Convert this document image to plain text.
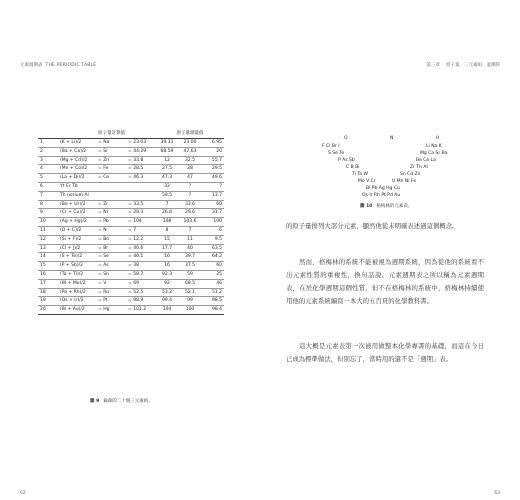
元素週期表 THE PERIODIC TABLE
		原子量計算值		原子量測量值		
1	(K + Li)/2	= Na	= 23.03	39.11	23.00	6.95
2	(Ba + Ca)/2	= Sr	= 44.29	68.59	47.63	20
3	(Mg + Cd)/2	= Zn	= 33.8	12	32.5	55.7
4	(Mn + Co)/2	= Fe	= 28.5	27.5	28	29.5
5	(La + Di)/2	= Ce	= 46.3	47.3	47	49.6
6	Yt Er Tb			32	?	?
7	Th norium Al			59.5	?	13.7
8	(Be + Ur)/2	= Zr	= 33.5	7	33.6	60
9	(Cr + Cu)/2	= Ni	= 29.3	26.8	29.6	31.7
10	(Ag + Hg)/2	= Pb	= 104	108	103.6	100
11	(O + C)/2	= N	= 7	8	7	6
12	(Si + F)/2	= Bo	= 12.2	15	11	9.5
13	(Cl + J)/2	= Br	= 40.6	17.7	40	63.5
14	(S + Te)/2	= Se	= 40.1	16	39.7	64.2
15	(P + Sb)/2	= As	= 38	16	37.5	60
16	(Ta + Ti)/2	= Sn	= 58.7	92.3	59	25
17	(W + Mo)/2	= V	= 69	92	68.5	46
18	(Pa + Rh)/2	= Ru	= 52.5	53.2	52.1	51.2
19	(Os + Ir)/2	= Pt	= 98.9	99.4	99	98.5
20	(Bi + Au)/2	= Hg	= 101.2	104	100	98.4
圖 9 倫森的二十個三元素組。
62
第三章 原子量、三元素組、童漢時
O	N	H
F Cl Br I	Li Na K
S Se Te	Mg Ca Sr Ba
P As Sb	Be Ce La
C B Bi	Zr Th Al
Ti Ta W	Sn Cd Zn
Mo V Cr	U Mn Ni Fe
Bi Pb Ag Hg Cu
Os Ir Rh Pt Pd Au
圖 10 格梅林的元素表。

的原子量排列大部分元素，顯然他從未明確表述過這個概念。

然而，格梅林的系統不能被視為週期系統，因為從他的系統看不出元素性質的重複性，換句話說，元素週期表之所以稱為元素週期表，在於化學週期這個性質，但不在格梅林的系統中，格梅林持續使用他的元素系統編寫一本大的五百頁的化學教科書。

這大概是元素表第一次被用做整本化學專書的基礎，而這在今日已成為標準做法，但別忘了，當時用的還不是「週期」表。

63
